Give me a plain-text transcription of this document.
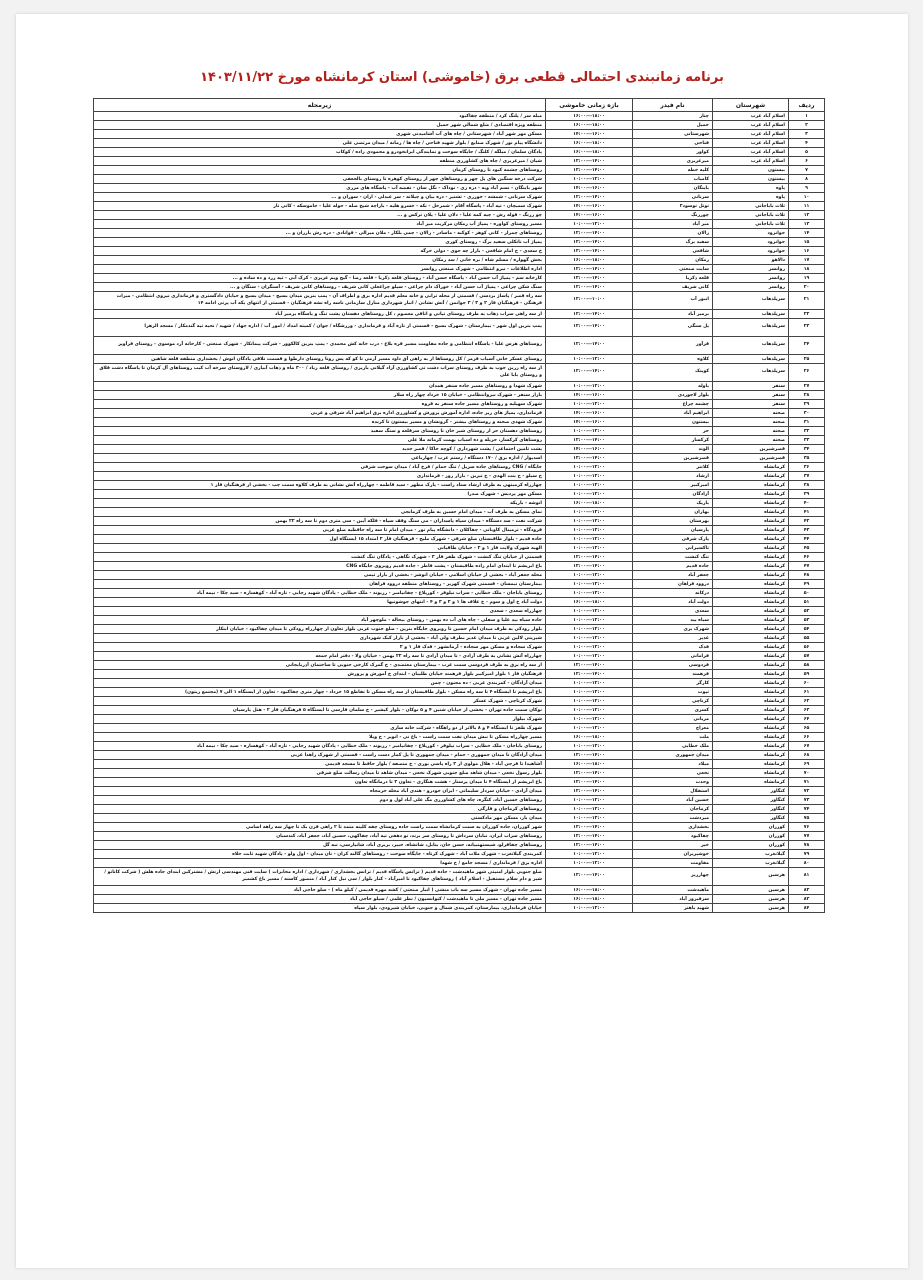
برنامه زمانبندی احتمالی قطعی برق (خاموشی) استان کرمانشاه مورخ ۱۴۰۳/۱۱/۲۲
ردیف	شهرستان	نام فیدر	بازه زمانی خاموشی	زیرمحله
۱	اسلام آباد غرب	چنار	۱۸:۰۰---۱۶:۰۰	میله سر / پلنگ کرد / منطقه چقاکبود
۲	اسلام آباد غرب	حمیل	۱۸:۰۰---۱۶:۰۰	منطقه ویژه اقتصادی / ضلع شمالی شهر حمیل
۳	اسلام آباد غرب	شهرستانی	۱۶:۰۰---۱۴:۰۰	مسکن مهر شهر آباد / شهرستانی / چاه های آب آشامیدنی شهری
۴	اسلام آباد غرب	فتاحی	۱۸:۰۰---۱۶:۰۰	دانشگاه پیام نور / شهرک صنایع / بلوار شهید فتاحی / چاه ها / زمانه / میدان مرتضی علی
۵	اسلام آباد غرب	کواور	۱۸:۰۰---۱۶:۰۰	پادگان سلمان / میلگه / کلنگ / جایگاه سوخت و نمایندگی ایرانخودرو و محمودی زاده / کوکاب
۶	اسلام آباد غرب	میرعزیزی	۱۴:۰۰---۱۲:۰۰	شیان / میرعزیزی / چاه های کشاورزی منطقه
۷	بیستون	کلیه خطه	۱۴:۰۰---۱۲:۰۰	روستاهای چشمه کبود تا روستای کرمان
۸	بیستون	کامیاب	۱۲:۰۰---۱۰:۰۰	شرکت درجه سنگین های پل چهر و روستاهای چهر از روستای کوهره تا روستای بالجعفی
۹	پاوه	باینگان	۱۶:۰۰---۱۴:۰۰	شهر باینگان - نسم آباد ویه - دره زی - نوداک - نگل سان - تفضه آب - پاسگاه های مرزی
۱۰	پاوه	سرنانی	۱۴:۰۰---۱۲:۰۰	شهرک سرنانی - شمشه - جوزری - تشتیر - دره بیان و چیلانه - سر عبدلی - ازان - سوران و ...
۱۱	ثلاث باباجانی	نوتل نوسود۲	۱۶:۰۰---۱۴:۰۰	شهرک سمیچان - تپه آباد - پاسگاه آقام - شمرخل - نکه - خسرو هلیه - بازاچه شیخ صله - حوله علیا - جاموسکه - کانی تار
۱۲	ثلاث باباجانی	چورزنگ	۱۶:۰۰---۱۴:۰۰	چو رزنگ - قوله رش - چیه کمه علیا - دلان علیا - پلان ترکس و ...
۱۳	ثلاث باباجانی	میر آباد	۱۲:۰۰---۱۰:۰۰	مسیر روستای کواوره - پمپاژ آب زمکان مرکزیت میر آباد
۱۴	جوانرود	زالان	۱۴:۰۰---۱۲:۰۰	روستاهای چمزاز - کانی کوهر - کوکبه - ماسادر - زالان - چمی بلکار - ملان میرالی - قوانادی - دره رش بارزان و ...
۱۵	جوانرود	سفید برگ	۱۴:۰۰---۱۲:۰۰	پمپاژ آب نانکلی سفید برگ - روستای کوری
۱۶	جوانرود	شافعی	۱۴:۰۰---۱۲:۰۰	خ سعدی - خ امام شافعی - بازار چه جوی - دولی خرگه
۱۷	دالاهو	زمکان	۱۸:۰۰---۱۶:۰۰	بخش گهواره / مسلم شاه / بره خانی / سد زمکان
۱۸	روانسر	سایت صنعتی	۱۴:۰۰---۱۲:۰۰	اداره اطلاعات - نیرو انتظامی - شهرک صنعتی روانسر
۱۹	روانسر	قلعه ذکریا	۱۴:۰۰---۱۲:۰۰	کارخانه سم - پمپاژ آب حسن آباد - پاسگاه حسن آباد - روستای قلعه ذکریا - قلعه رضا - گیج ویم عزیزی - کرک آبی - تپه زرد و ده ساده و ...
۲۰	روانسر	کانی شریف	۱۴:۰۰---۱۲:۰۰	سنگ شکن چراغی - پمپاژ آب حسن آباد - خوراک دام چراغی - سیلو چراغعلی کانی شریف - روستاهای کانی شریف - آسنگران - سنگان و ...
۲۱	سرپلذهاب	انبور آب	۱۰:۰۰---۱۲:۰۰	سه راه قصر / پاساژ بردسی / قسمتی از محله ترابی و خانه معلم قدیم اداره برق و اطراف آن - پمپ بنزین میدان بسیج - میدان بسیج و خیابان دادگستری و فرمانداری نیروی انتظامی - میراث فرهنگی - فرهنگیان فاز ۲ و ۳ / ۳ جوانمن / آتش نشانی / انبار شهرداری منازل سازمانی ناسه راه نشه فرهنگیان - قسمتی از انتهای یکه آب پرتی ادامه ۱۴
۲۲	سرپلذهاب	بزمیر آباد	۱۴:۰۰---۱۲:۰۰	از سه راهی سراب ذهاب به طرف روستای تپانی و اتاقی معصوم ، کل روستاهای دهستان پشت تنگ و پاسگاه بزمیر آباد
۲۳	سرپلذهاب	پل سنگی	۱۴:۰۰---۱۲:۰۰	پمپ بنزین اول شهر - بیمارستان - شهرک بسیج - قسمتی از تازه آباد و فرمانداری - ورزشگاه / جوان / کمیته امداد / امور آب / اداره جهاد / شهید / نحیه تپه گندمکار / مسجد الزهرا
۲۴	سرپلذهاب	قرآوز	۱۴:۰۰---۱۲:۰۰	روستاهای هرس علیا - پاسگاه انتظامی و جاده مقاومت مسیر قره بلاغ - درب خانه کش محمدی - پمپ بنزین کالکوور - شرکت پیمانکار - شهرک صنعتی - کارخانه آرد موسوی - روستای قرآویز
۲۵	سرپلذهاب	کلاوه	۱۲:۰۰---۱۰:۰۰	روستای عسکر خانی آسیاب قرمز / کل روستاها از به راهی آق داود مسیر آزمی تا کو که پس روتا روستای دارطوا و قسمت تلافی پادگان انوش / بخشداری منطقه قلعه شاهین
۲۶	سرپلذهاب	کوینک	۱۴:۰۰---۱۲:۰۰	از سه راه زرین جوب به طرف روستای سراب دشت تی کشاورزی آزاد گیلانی باریزی / روستای قلعه زیاد / ۳۰۰ ماه و ذهاب آبیاری / لاروستای سرخه آب کیب روستاهای آل کرمان تا پاسگاه دشت قلاق و روستای بابا علی
۲۷	سنقر	باوله	۱۲:۰۰---۱۰:۰۰	شهرک شهدا و روستاهای مسیر جاده سنقر همدان
۲۸	سنقر	بلوار لاجوردی	۱۶:۰۰---۱۴:۰۰	بازار سنقر - شهرک نیروانتظامی - خیابان ۱۵ خرداد چهار راه سلار
۲۹	سنقر	چشمه چراغ	۱۲:۰۰---۱۰:۰۰	شهرک سهیلیه و روستاهای مسیر جاده سنقر به فروه
۳۰	صحنه	ابراهیم آباد	۱۶:۰۰---۱۴:۰۰	فرمانداری، پمپاژ های زیر جاده، اداره آموزش پرورش و کشاورزی اداره برق ابراهیم آباد شرقی و غربی
۳۱	صحنه	بیستون	۱۶:۰۰---۱۴:۰۰	شهرک شهدی صحنه و روستاهای بیشتر - گرونشان و مسیر بیستون تا کرنده
۳۲	صحنه	حر	۱۲:۰۰---۱۰:۰۰	روستاهای دهستان حر از روستای شیر خان تا روستای سرقلعه و سنگ سفید
۳۳	صحنه	کرکسار	۱۴:۰۰---۱۲:۰۰	روستاهای کرکسار، حریله و ده اسباب بهمت کرمانه ملا علی
۳۴	قصرشیرین	الوند	۱۶:۰۰---۱۴:۰۰	پشت تامین اجتماعی / پشت شهرداری / کوچه خاکا / قصر جدید
۳۵	قصرشیرین	قصرشیرین	۱۴:۰۰---۱۲:۰۰	اسدیوار / اداره برق / ۱۷۰ دستگاه / رستم عرب / چهارباغی
۳۶	کرمانشاه	کلانتر	۱۲:۰۰---۱۰:۰۰	جایگاه / CNG روستاهای جاده سرپل / تنگ حمام / فرخ آباد / میدان سوخت شرقی
۳۷	کرمانشاه	ارشاد	۱۲:۰۰---۱۰:۰۰	خ سیلو - خ بنت الهدی - خ تبرین - بازار روز - فرمانداری
۳۸	کرمانشاه	امیرکبیر	۱۲:۰۰---۱۰:۰۰	چهارراه کرمیتهی به طرف ارشاد ستاد راست - پارک مطهر - سید فاطمه - چهارراه آتش نشانی به طرف کلاوه سمت چپ - بخشی از فرهنگیان فاز ۱
۳۹	کرمانشاه	آزادگان	۱۲:۰۰---۱۰:۰۰	مسکن مهر پردیس - شهرک صدرا
۴۰	کرمانشاه	باریک	۱۸:۰۰---۱۶:۰۰	انوشه - باریکه
۴۱	کرمانشاه	بهاران	۱۲:۰۰---۱۰:۰۰	نمای مسکن به طرف آب - میدان امام حسین به طرف کرمانجی
۴۲	کرمانشاه	بهرستان	۱۲:۰۰---۱۰:۰۰	شرکت نفت - سد دستگاه - میدان سپاه پاسداران - می سنگ وقف سپاه - فلکه آیین - سی متری دوم تا سه راه ۲۲ بهمن
۴۳	کرمانشاه	پارسیان	۱۲:۰۰---۱۰:۰۰	فرودگاه - ترمینال کاوبانی - چقاکلان - دانشگاه پیام نور - میدان امام تا سه راه حافظیه ضلع غربی
۴۴	کرمانشاه	پارک شرقی	۱۲:۰۰---۱۰:۰۰	جاده قدیم - بلوار طاقبستان ضلع شرقی - شهرک ملیح - فرهنگیان فاز ۲ امتداد ۱۵ ایستگاه اول
۴۵	کرمانشاه	تاکسیرانی	۱۲:۰۰---۱۰:۰۰	الهیه شهرک ولایت فاز ۱ و ۲ - خیابان طاقبانی
۴۶	کرمانشاه	تنگ کنشت	۱۴:۰۰---۱۲:۰۰	قسمتی از خیابان تنگ کنشت - شهرک ظفر فاز ۳ - شهرک نگاهی - پادگان تنگ کنشت
۴۷	کرمانشاه	جاده قدیم	۱۴:۰۰---۱۲:۰۰	باغ ابریشم تا ابتدای امام زاده طاقبستان - پشت فاطر - جاده قدیم روبروی جایگاه CNG
۴۸	کرمانشاه	جعفر آباد	۱۲:۰۰---۱۰:۰۰	محله جعفر آباد - بخشی از خیابان اسلامی - خیابان انوشر - بخشی از بازار تیمی
۴۹	کرمانشاه	دروود فراهان	۱۲:۰۰---۱۰:۰۰	بیمارستان نیمسان - قسمتی شهرک کهریز - روستاهای منطقه دروود فراهان
۵۰	کرمانشاه	درکانه	۱۲:۰۰---۱۰:۰۰	روستای باباجان - ملک خطایی - سراب نیلوفر - کورپلاغ - چقانیامبر - رزیوند - ملک خطایی - پادگان شهید رجایی - تازه آباد - کوهساره - سید چکا - نیمه آباد
۵۱	کرمانشاه	دولت آباد	۱۸:۰۰---۱۶:۰۰	دولت آباد خ اول و سوم - خ علاف ها ۱ و ۲ و ۳ و ۴ - انتهای جوشونیها
۵۲	کرمانشاه	سعدی	۱۲:۰۰---۱۰:۰۰	چهارراه سعدی - سعدی
۵۳	کرمانشاه	سیاه بید	۱۲:۰۰---۱۰:۰۰	جاده سیاه بید علیا و سفلی - چاه های آب ده بهمن - روستای بیحاله - ملوچهر آباد
۵۴	کرمانشاه	شهرک بری	۱۲:۰۰---۱۰:۰۰	بلوار رودکی به طرف میدان امام حسین تا روبروی جایگاه بنزین - ضلع جنوب غربی بلوار تعاون از چهارراه رودکی تا میدان چقاکبود - خیابان ابتکار
۵۵	کرمانشاه	غدیر	۱۲:۰۰---۱۰:۰۰	شیرینی لالین غربی تا میدان غدیر بطرف ولی آباد - بخشی از بازار کبک شهرداری
۵۶	کرمانشاه	فدک	۱۲:۰۰---۱۰:۰۰	شهرک سجاده و مسکن مهر سجاده - آرمانشهر - فدک فاز ۱ و ۲
۵۷	کرمانشاه	فرامانی	۱۲:۰۰---۱۰:۰۰	چهارراه آتش نشانی به طرف آزادی - تا میدان آزادی تا سه راه ۲۲ بهمن - خیابان ولا - دفتر امام جمعه
۵۸	کرمانشاه	فردوسی	۱۴:۰۰---۱۲:۰۰	از سه راه برق به طرف فردوسی سمت غرب - بیمارستان معتضدی - خ گمرک کارخی جنوبی تا ساختمان آذربایجانی
۵۹	کرمانشاه	فرهمند	۱۴:۰۰---۱۲:۰۰	فرهنگیان فاز ۱ بلوار امیرکبیر بلوار فرهمند خیابان طلبیان - ابتدای خ آمورش و پرورش
۶۰	کرمانشاه	کارگر	۱۲:۰۰---۱۰:۰۰	میدان آزادگان - کمربندی غربی - ده مجنون - چمن
۶۱	کرمانشاه	تپوت	۱۲:۰۰---۱۰:۰۰	باغ ابریشم تا ایستگاه ۴ تا سه راه مسکن - بلوار طاقبستان از سه راه مسکن تا تقاطع ۱۵ خرداد - چهار متری چقاکبود - تعاون از ایستگاه ۱ الی ۷ (مجتمع زیتون)
۶۲	کرمانشاه	کرناچی	۱۲:۰۰---۱۰:۰۰	شهرک کرناچی - شهرک عسکر
۶۳	کرمانشاه	کسری	۱۲:۰۰---۱۰:۰۰	نوکان سمت جاده تهران - بخشی از خیابان شتین ۴ و ۵ نوکان - بلوار کیشیر - خ سلمان فارسی تا ایستگاه ۵ فرهنگیان فاز ۲ - هتل پارسیان
۶۴	کرمانشاه	مریانی	۱۲:۰۰---۱۰:۰۰	شهرک بیلوار
۶۵	کرمانشاه	معراج	۱۲:۰۰---۱۰:۰۰	شهرک ظفر تا ایستگاه ۴ و ۸ بالاتر از دو راهگاه - شرکت خانه سازی
۶۶	کرمانشاه	ملت	۱۸:۰۰---۱۶:۰۰	مسیر چهارراه مسکن تا نبش میدان نفت سمت راست - باغ نی - انوبر - خ ویلا
۶۷	کرمانشاه	ملک خطایی	۱۲:۰۰---۱۰:۰۰	روستای باباجان - ملک خطایی - سراب نیلوفر - کورپلاغ - چقانیامبر - رزیوند - ملک خطایی - پادگان شهید رجایی - تازه آباد - کوهساره - سید چکا - نیمه آباد
۶۸	کرمانشاه	میدان جمهوری	۱۴:۰۰---۱۲:۰۰	میدان آزادگان تا میدان جمهوری - حمام - میدان جمهوری تا پل کمار دست راست - قسمتی از شهرک زاهدا غربی
۶۹	کرمانشاه	میلاد	۱۸:۰۰---۱۶:۰۰	آشاهیدا تا فرجی آباد - هلال مولوی از ۳ راه پاسی بوری - خ منصفه / بلوار حافظ تا مسجد قدیمی
۷۰	کرمانشاه	نخعی	۱۴:۰۰---۱۲:۰۰	بلوار رسول نخعی - میدان شاهد ضلع جنوبی شهرک نخعی - میدان شاهد تا میدان رسالت ضلع شرقی
۷۱	کرمانشاه	وحدت	۱۴:۰۰---۱۲:۰۰	باغ ابریشم از ایستگاه ۴ تا میدان پرستار - هشت هنگاری - تعاون ۲ تا درمانگاه تعاون
۷۲	کنگاور	استقلال	۱۴:۰۰---۱۲:۰۰	میدان آزادی - خیابان سردار سلیمانی - ایران خودرو - هندی آباد محله خرمجاه
۷۳	کنگاور	خسین آباد	۱۲:۰۰---۱۰:۰۰	روستاهای خسین آباد، کنگره، چاه های کشاورزی مگ علی آباد لول و دوم
۷۴	کنگاور	کرماجان	۱۲:۰۰---۱۰:۰۰	روستاهای کرماجان و فارگی
۷۵	کنگاور	میردشت	۱۲:۰۰---۱۰:۰۰	میدان بار، مسکن مهر مادکستی
۷۶	کوزران	بخشداری	۱۴:۰۰---۱۲:۰۰	شهر کوزران، جاده کوزران به سمت کرمانشاه سمت راست جاده روستای چقه کلینه متمد تا ۲ راهی قرن بک تا چهار سه راهه اسامی
۷۷	کوزران	چقاکبود	۱۴:۰۰---۱۲:۰۰	روستاهای سراب ایران، نبابان سرداش تا روستای سر برند، نو دهفی تپه آباد، چقاکهی، حسین آباد، جعفر آباد، کندسبان
۷۸	کوزران	خیر	۱۴:۰۰---۱۲:۰۰	روستاهای چقاقزلو، شیستهنبیانه، حسن خان، بنابل، شانشاه، خیبر، بربری آباد، شانپارسی، نبه گل
۷۹	گیلانغرب	خوشیزیران	۱۲:۰۰---۱۰:۰۰	کمربندی گیلانغرب - شهرک ملات آباد - شهرک کرتاه - جایگاه سوخت - روستاهای گالنه کران - نان میدان - اول ولو - پادگان شهید ثابت خلاه
۸۰	گیلانغرب	مقاومت	۱۲:۰۰---۱۰:۰۰	اداره برق / فرمانداری / مسجد جامع / خ شهدا
۸۱	هرسین	چهارزبر	۱۴:۰۰---۱۲:۰۰	ضلع جنوبی بلوار امنیتی شهر ماهیدشت - جاده قدیم ( ترانس پاسگاه قدیم / ترانس بخشداری / شهرداری / اداره مخابرات ) سایت فنی مهندسی ارتش / مشترکین ابتدای جاده هلش ( شرکت کاناتو / شیر و دام سلام مستقبل - اسلام آباد ) روستاهای چقاکبود تا امیرآباد - کنار بلوار / سی نبل کنار آباد / منصور کاسته / مسیر باغ کشمیر
۸۲	هرسین	ماهیدشت	۱۸:۰۰---۱۶:۰۰	مسیر جاده تهران - شهرک مسیر سه باب منشی ( انبار صنعتی / کشه مهره قدیمی / کیلو ماه ) - سلو حاجی آباد
۸۳	هرسین	سرفیروز آباد	۱۸:۰۰---۱۶:۰۰	مسیر جاده تهران - مسیر ملی تا ماهیدشت / کنوانسیون / نظر علمی / سیلو حاجی آباد
۸۴	هرسین	شهید باهنر	۱۲:۰۰---۱۰:۰۰	خیابان فرمانداری، بیمارستان، کمربندی شمال و جنوبی، خیابان شیرودی، بلوار سپاه
